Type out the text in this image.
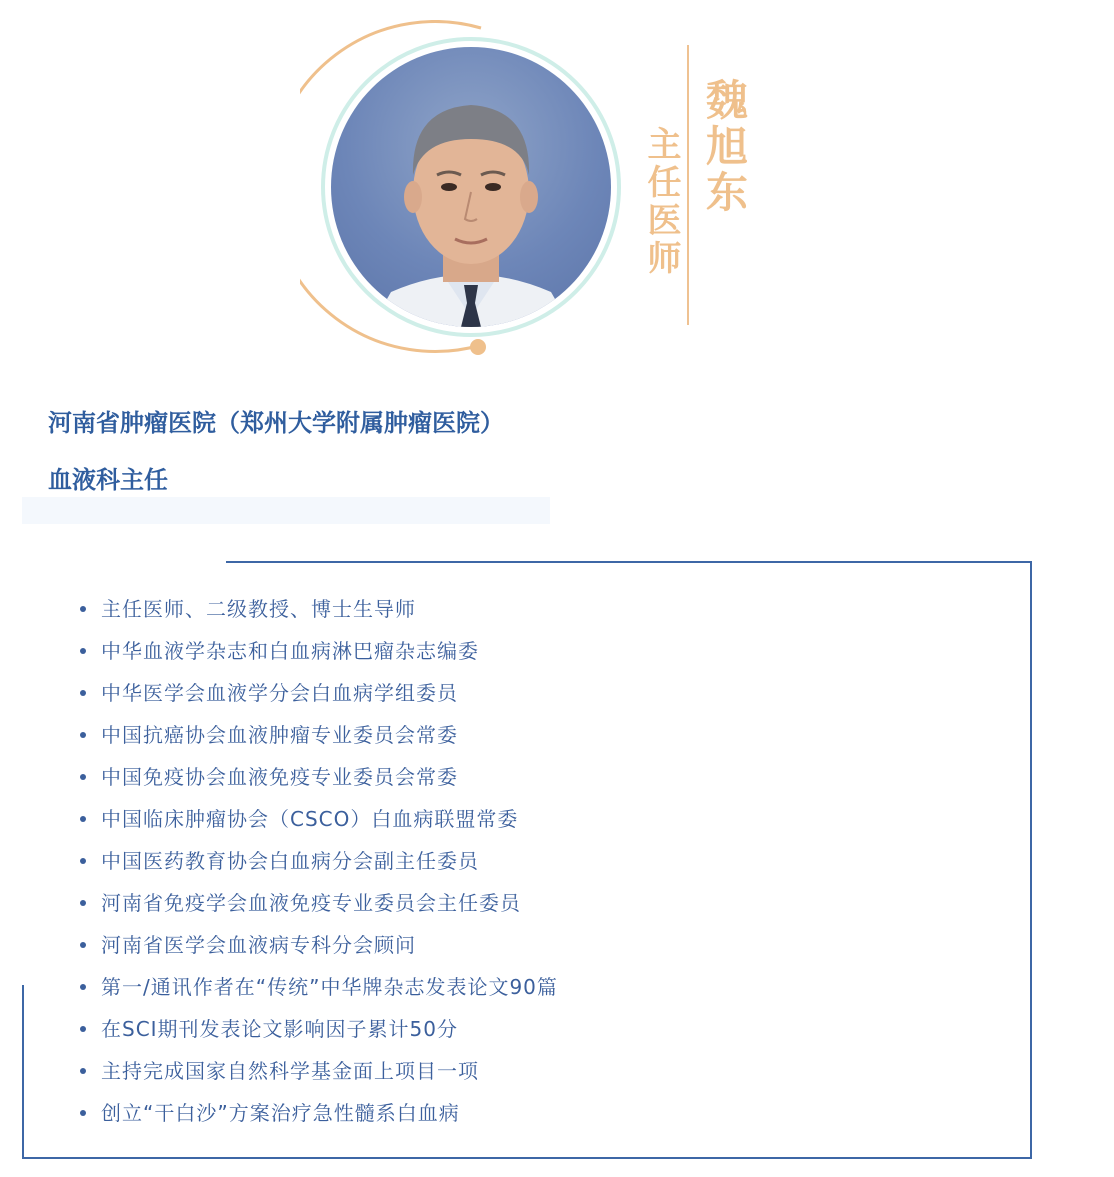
魏旭东
主任医师
河南省肿瘤医院（郑州大学附属肿瘤医院）
血液科主任
主任医师、二级教授、博士生导师
中华血液学杂志和白血病淋巴瘤杂志编委
中华医学会血液学分会白血病学组委员
中国抗癌协会血液肿瘤专业委员会常委
中国免疫协会血液免疫专业委员会常委
中国临床肿瘤协会（CSCO）白血病联盟常委
中国医药教育协会白血病分会副主任委员
河南省免疫学会血液免疫专业委员会主任委员
河南省医学会血液病专科分会顾问
第一/通讯作者在“传统”中华牌杂志发表论文90篇
在SCI期刊发表论文影响因子累计50分
主持完成国家自然科学基金面上项目一项
创立“干白沙”方案治疗急性髓系白血病
